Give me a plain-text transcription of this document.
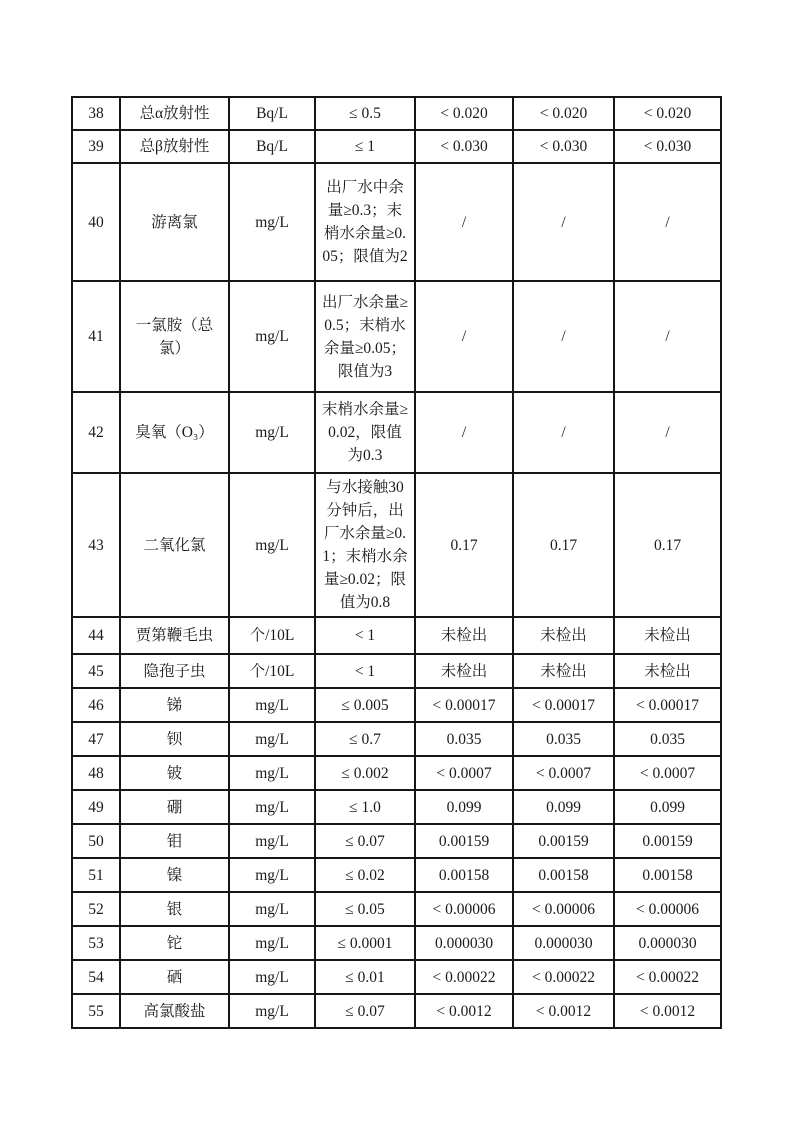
38	总α放射性	Bq/L	≤ 0.5	< 0.020	< 0.020	< 0.020
39	总β放射性	Bq/L	≤ 1	< 0.030	< 0.030	< 0.030
40	游离氯	mg/L	出厂水中余量≥0.3；末梢水余量≥0.05；限值为2	/	/	/
41	一氯胺（总氯）	mg/L	出厂水余量≥0.5；末梢水余量≥0.05；限值为3	/	/	/
42	臭氧（O₃）	mg/L	末梢水余量≥0.02，限值为0.3	/	/	/
43	二氧化氯	mg/L	与水接触30分钟后，出厂水余量≥0.1；末梢水余量≥0.02；限值为0.8	0.17	0.17	0.17
44	贾第鞭毛虫	个/10L	< 1	未检出	未检出	未检出
45	隐孢子虫	个/10L	< 1	未检出	未检出	未检出
46	锑	mg/L	≤ 0.005	< 0.00017	< 0.00017	< 0.00017
47	钡	mg/L	≤ 0.7	0.035	0.035	0.035
48	铍	mg/L	≤ 0.002	< 0.0007	< 0.0007	< 0.0007
49	硼	mg/L	≤ 1.0	0.099	0.099	0.099
50	钼	mg/L	≤ 0.07	0.00159	0.00159	0.00159
51	镍	mg/L	≤ 0.02	0.00158	0.00158	0.00158
52	银	mg/L	≤ 0.05	< 0.00006	< 0.00006	< 0.00006
53	铊	mg/L	≤ 0.0001	0.000030	0.000030	0.000030
54	硒	mg/L	≤ 0.01	< 0.00022	< 0.00022	< 0.00022
55	高氯酸盐	mg/L	≤ 0.07	< 0.0012	< 0.0012	< 0.0012
